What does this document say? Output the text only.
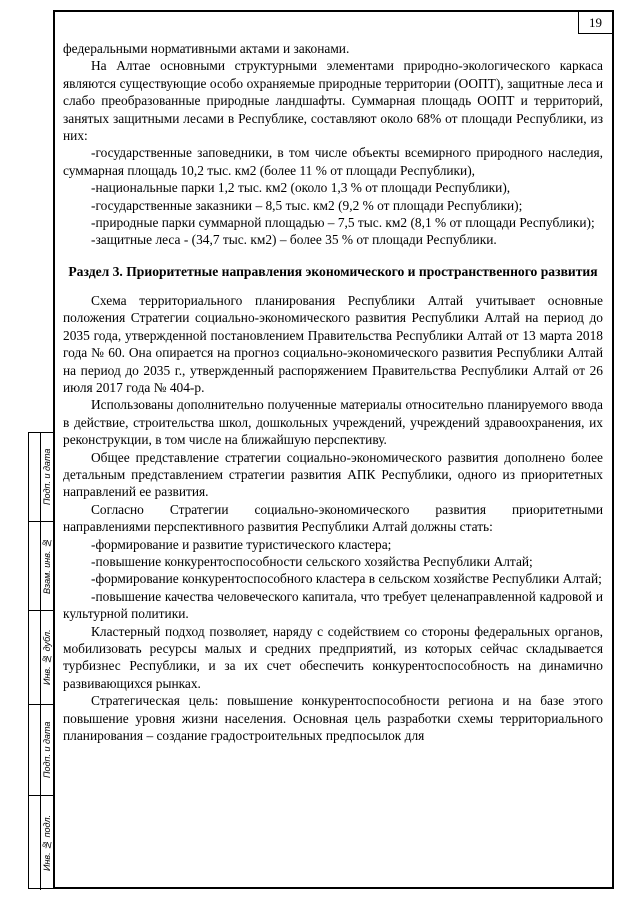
19
Подп. и дата
Взам. инв. №
Инв. № дубл.
Подп. и дата
Инв. № подл.

федеральными нормативными актами и законами.

На Алтае основными структурными элементами природно-экологического каркаса являются существующие особо охраняемые природные территории (ООПТ), защитные леса и слабо преобразованные природные ландшафты. Суммарная площадь ООПТ и территорий, занятых защитными лесами в Республике, составляют около 68% от площади Республики, из них:

-государственные заповедники, в том числе объекты всемирного природного наследия, суммарная площадь 10,2 тыс. км2 (более 11 % от площади Республики),

-национальные парки 1,2 тыс. км2 (около 1,3 % от площади Республики),

-государственные заказники – 8,5 тыс. км2 (9,2 % от площади Республики);

-природные парки суммарной площадью – 7,5 тыс. км2 (8,1 % от площади Республики);

-защитные леса - (34,7 тыс. км2) – более 35 % от площади Республики.

Раздел 3. Приоритетные направления экономического и пространственного развития

Схема территориального планирования Республики Алтай учитывает основные положения Стратегии социально-экономического развития Республики Алтай на период до 2035 года, утвержденной постановлением Правительства Республики Алтай от 13 марта 2018 года № 60. Она опирается на прогноз социально-экономического развития Республики Алтай на период до 2035 г., утвержденный распоряжением Правительства Республики Алтай от 26 июля 2017 года № 404-р.

Использованы дополнительно полученные материалы относительно планируемого ввода в действие, строительства школ, дошкольных учреждений, учреждений здравоохранения, их реконструкции, в том числе на ближайшую перспективу.

Общее представление стратегии социально-экономического развития дополнено более детальным представлением стратегии развития АПК Республики, одного из приоритетных направлений ее развития.

Согласно Стратегии социально-экономического развития приоритетными направлениями перспективного развития Республики Алтай должны стать:

-формирование и развитие туристического кластера;

-повышение конкурентоспособности сельского хозяйства Республики Алтай;

-формирование конкурентоспособного кластера в сельском хозяйстве Республики Алтай;

-повышение качества человеческого капитала, что требует целенаправленной кадровой и культурной политики.

Кластерный подход позволяет, наряду с содействием со стороны федеральных органов, мобилизовать ресурсы малых и средних предприятий, из которых сейчас складывается турбизнес Республики, и за их счет обеспечить конкурентоспособность на динамично развивающихся рынках.

Стратегическая цель: повышение конкурентоспособности региона и на базе этого повышение уровня жизни населения. Основная цель разработки схемы территориального планирования – создание градостроительных предпосылок для
